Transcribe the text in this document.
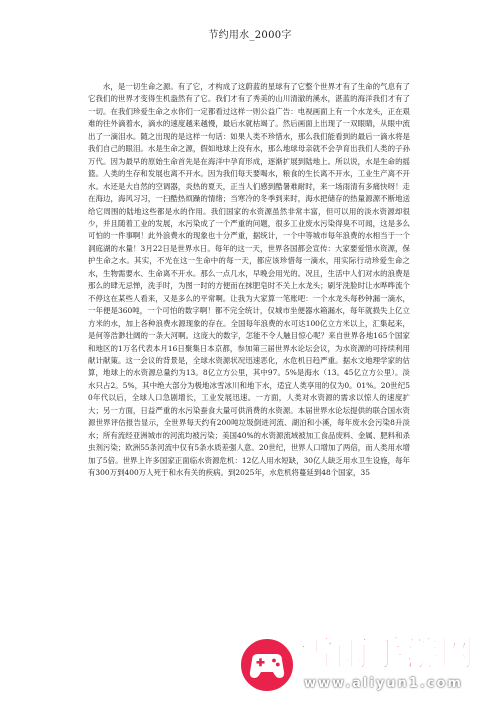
节约用水_2000字
水，是一切生命之源。有了它，才构成了这蔚蓝的星球有了它整个世界才有了生命的气息有了它我们的世界才变得生机盎然有了它。我们才有了秀美的山川清澈的溪水，湛蓝的海洋我们才有了一切。在我们珍爱生命之水你们一定都看过这样一则公益广告：电视画面上有一个水龙头，正在艰难的往外滴着水，滴水的速度越来越慢，最后水就枯竭了。然后画面上出现了一双眼睛，从眼中流出了一滴泪水。随之出现的是这样一句话：如果人类不珍惜水，那么我们能看到的最后一滴水将是我们自己的眼泪。水是生命之源，假如地球上没有水，那么地球母亲就不会孕育出我们人类的子孙万代。因为最早的原始生命首先是在海洋中孕育形成，逐渐扩展到陆地上。所以说，水是生命的摇篮。人类的生存和发展也离不开水。因为我们每天要喝水，粮食的生长离不开水，工业生产离不开水。水还是大自然的空调器，炎热的夏天，正当人们感到酷暑难耐时，来一场雨清有多痛快呀！走在海边，海风习习，一扫酷热烦躁的情绪；当寒冷的冬季到来时，海水把储存的热量源源不断地送给它周围的陆地这些都是水的作用。我们国家的水资源虽然非常丰富，但可以用的淡水资源却很少，并且随着工业的发展，水污染成了一个严重的问题，很多工业废水污染得臭不可闻，这是多么可怕的一件事啊！此外浪费水的现象也十分严重，据统计，一个中等城市每年浪费的水相当于一个洞庭湖的水量！3月22日是世界水日。每年的这一天，世界各国都会宣传：大家要爱惜水资源，保护生命之水。其实，不光在这一生命中的每一天，都应该珍惜每一滴水，用实际行动珍爱生命之水，生物需要水、生命离不开水。那么一点几水，早晚会用光的。况且，生活中人们对水的浪费是那么的肆无忌惮，洗手时，为图一时的方便而在抹肥皂时不关上水龙头；刷牙洗脸时让水哗哗流个不停这在某些人看来，又是多么的平常啊。让我为大家算一笔账吧：一个水龙头每秒钟漏一滴水，一年便是360吨，一个可怕的数字啊！都不完全统计，仅城市坐便器水箱漏水，每年就损失上亿立方米的水，加上各种浪费水源现象的存在。全国每年浪费的水可达100亿立方米以上，汇集起来，是何等浩渺壮阔的一条大河啊。这庞大的数字，怎能不令人触目惊心呢？来自世界各地165个国家和地区的1万名代表本月16日聚集日本京都，参加第三届世界水论坛会议，为水资源的可持续利用献计献策。这一会议的背景是，全球水资源状况迅速恶化，水危机日趋严重。据水文地理学家的估算，地球上的水资源总量约为13。8亿立方公里，其中97。5%是海水（13。45亿立方公里）。淡水只占2。5%，其中绝大部分为极地冰雪冰川和地下水，适宜人类享用的仅为0。01%。20世纪50年代以后，全球人口急剧增长，工业发展迅速。一方面，人类对水资源的需求以惊人的速度扩大；另一方面，日益严重的水污染蚕食大量可供消费的水资源。本届世界水论坛提供的联合国水资源世界评估报告显示，全世界每天约有200吨垃圾倒进河流、湖泊和小溪，每年废水会污染8升淡水；所有流经亚洲城市的河流均被污染；美国40%的水资源流域被加工食品废料、金属、肥料和杀虫剂污染；欧洲55条河流中仅有5条水质差强人意。20世纪，世界人口增加了两倍，而人类用水增加了5倍。世界上许多国家正面临水资源危机：12亿人用水短缺，30亿人缺乏用水卫生设施，每年有300万到400万人死于和水有关的疾病。到2025年，水危机将蔓延到48个国家，35
雪雨手游网
www.aliyun1.com
